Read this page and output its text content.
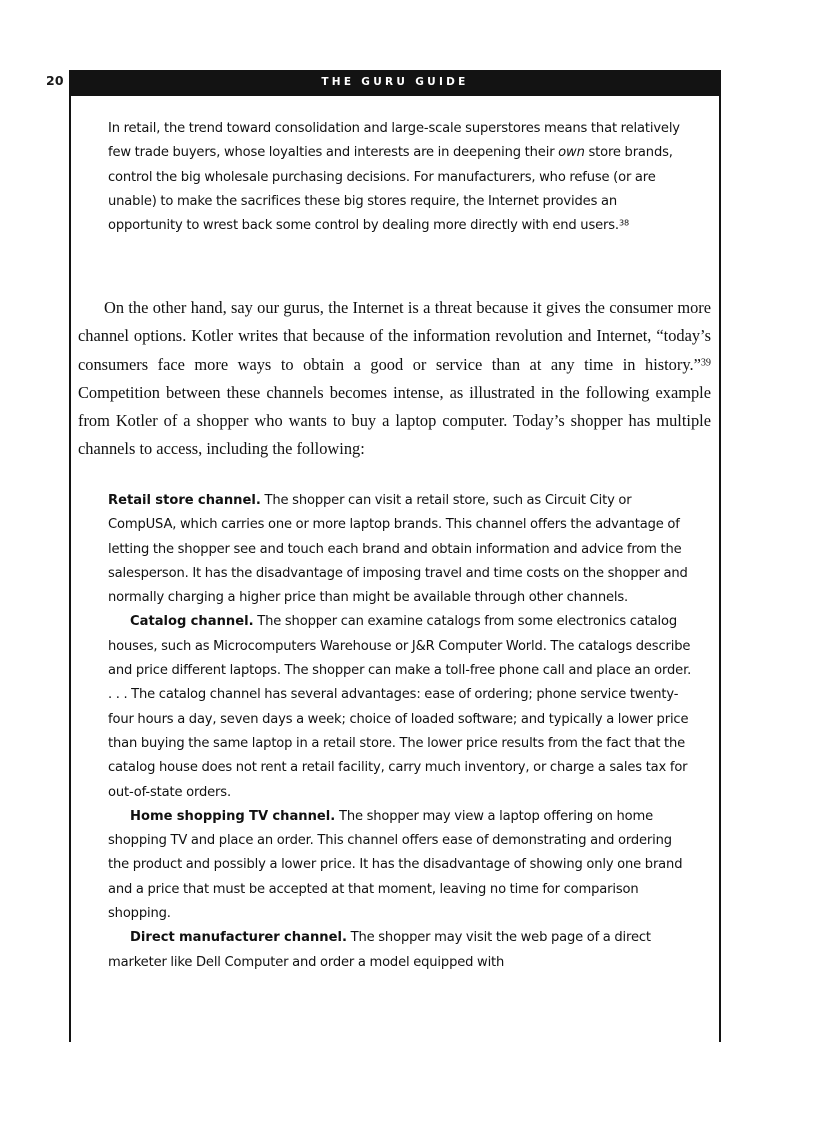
20	THE GURU GUIDE

In retail, the trend toward consolidation and large-scale superstores means that relatively few trade buyers, whose loyalties and interests are in deepening their own store brands, control the big wholesale purchasing decisions. For manufacturers, who refuse (or are unable) to make the sacrifices these big stores require, the Internet provides an opportunity to wrest back some control by dealing more directly with end users.$^{38}$

On the other hand, say our gurus, the Internet is a threat because it gives the consumer more channel options. Kotler writes that because of the information revolution and Internet, “today’s consumers face more ways to obtain a good or service than at any time in history.”$^{39}$ Competition between these channels becomes intense, as illustrated in the following example from Kotler of a shopper who wants to buy a laptop computer. Today’s shopper has multiple channels to access, including the following:

Retail store channel. The shopper can visit a retail store, such as Circuit City or CompUSA, which carries one or more laptop brands. This channel offers the advantage of letting the shopper see and touch each brand and obtain information and advice from the salesperson. It has the disadvantage of imposing travel and time costs on the shopper and normally charging a higher price than might be available through other channels.

Catalog channel. The shopper can examine catalogs from some electronics catalog houses, such as Microcomputers Warehouse or J&R Computer World. The catalogs describe and price different laptops. The shopper can make a toll-free phone call and place an order. . . . The catalog channel has several advantages: ease of ordering; phone service twenty-four hours a day, seven days a week; choice of loaded software; and typically a lower price than buying the same laptop in a retail store. The lower price results from the fact that the catalog house does not rent a retail facility, carry much inventory, or charge a sales tax for out-of-state orders.

Home shopping TV channel. The shopper may view a laptop offering on home shopping TV and place an order. This channel offers ease of demonstrating and ordering the product and possibly a lower price. It has the disadvantage of showing only one brand and a price that must be accepted at that moment, leaving no time for comparison shopping.

Direct manufacturer channel. The shopper may visit the web page of a direct marketer like Dell Computer and order a model equipped with
